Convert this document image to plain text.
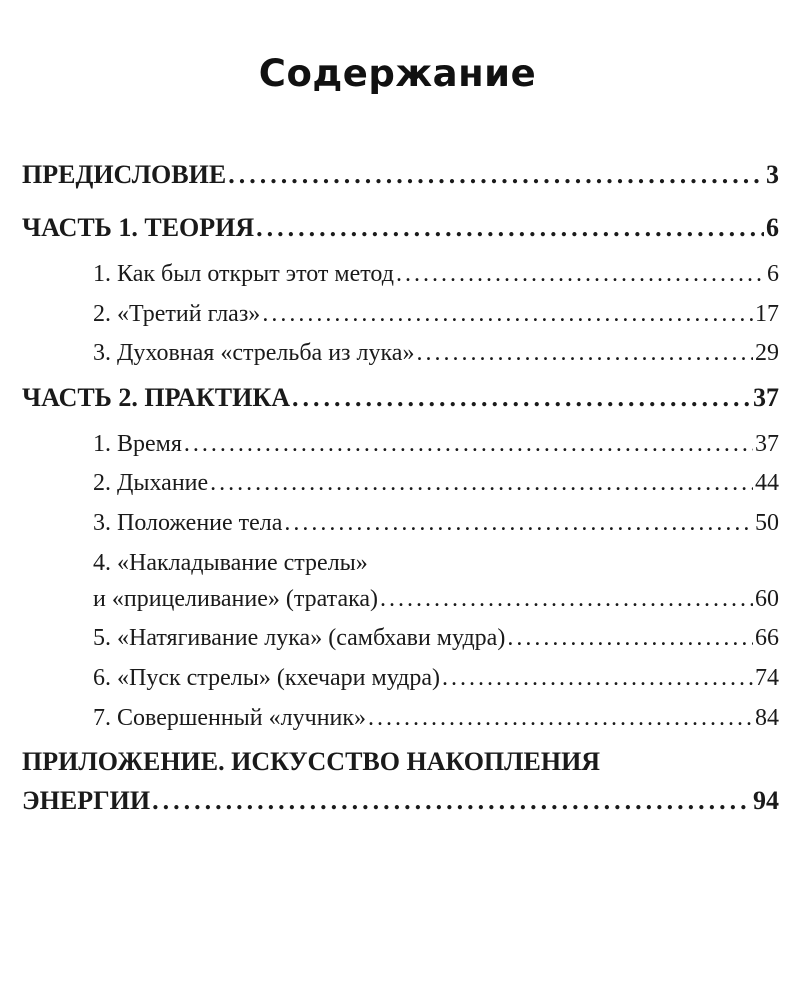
Содержание
ПРЕДИСЛОВИЕ .....	3
ЧАСТЬ 1. ТЕОРИЯ .....	6
1. Как был открыт этот метод .....	6
2. «Третий глаз» .....	17
3. Духовная «стрельба из лука» .....	29
ЧАСТЬ 2. ПРАКТИКА .....	37
1. Время .....	37
2. Дыхание .....	44
3. Положение тела .....	50
4. «Накладывание стрелы»
и «прицеливание» (тратака) .....	60
5. «Натягивание лука» (самбхави мудра) .....	66
6. «Пуск стрелы» (кхечари мудра) .....	74
7. Совершенный «лучник» .....	84
ПРИЛОЖЕНИЕ. ИСКУССТВО НАКОПЛЕНИЯ
ЭНЕРГИИ .....	94
